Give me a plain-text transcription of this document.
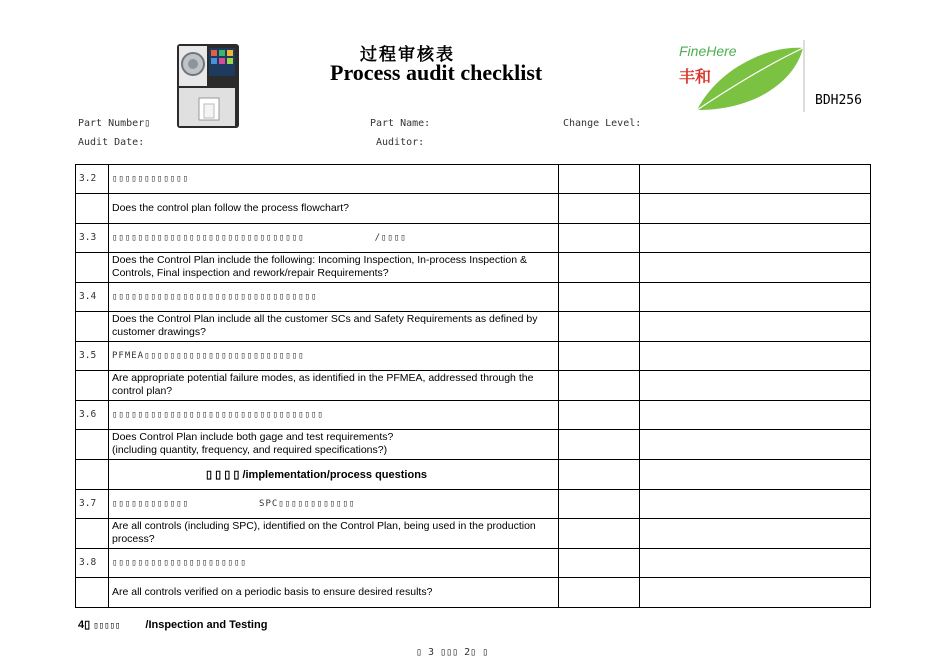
过程审核表
Process audit checklist
FineHere
丰和
BDH256
Part Number▯	Part Name:	Change Level:
Audit Date:	Auditor:
3.2	▯▯▯▯▯▯▯▯▯▯▯▯		
	Does the control plan follow the process flowchart?		
3.3	▯▯▯▯▯▯▯▯▯▯▯▯▯▯▯▯▯▯▯▯▯▯▯▯▯▯▯▯▯▯ /▯▯▯▯		
	Does the Control Plan include the following: Incoming Inspection, In-process Inspection & Controls, Final inspection and rework/repair Requirements?		
3.4	▯▯▯▯▯▯▯▯▯▯▯▯▯▯▯▯▯▯▯▯▯▯▯▯▯▯▯▯▯▯▯▯		
	Does the Control Plan include all the customer SCs and Safety Requirements as defined by customer drawings?		
3.5	PFMEA▯▯▯▯▯▯▯▯▯▯▯▯▯▯▯▯▯▯▯▯▯▯▯▯▯		
	Are appropriate potential failure modes, as identified in the PFMEA, addressed through the control plan?		
3.6	▯▯▯▯▯▯▯▯▯▯▯▯▯▯▯▯▯▯▯▯▯▯▯▯▯▯▯▯▯▯▯▯▯		

	Does Control Plan include both gage and test requirements?
(including quantity, frequency, and required specifications?)		

	▯ ▯ ▯ ▯ /implementation/process questions		
3.7	▯▯▯▯▯▯▯▯▯▯▯▯ SPC▯▯▯▯▯▯▯▯▯▯▯▯		
	Are all controls (including SPC), identified on the Control Plan, being used in the production process?		
3.8	▯▯▯▯▯▯▯▯▯▯▯▯▯▯▯▯▯▯▯▯▯		
	Are all controls verified on a periodic basis to ensure desired results?		
4▯ ▯▯▯▯▯ /Inspection and Testing
▯ 3 ▯▯▯ 2▯ ▯
